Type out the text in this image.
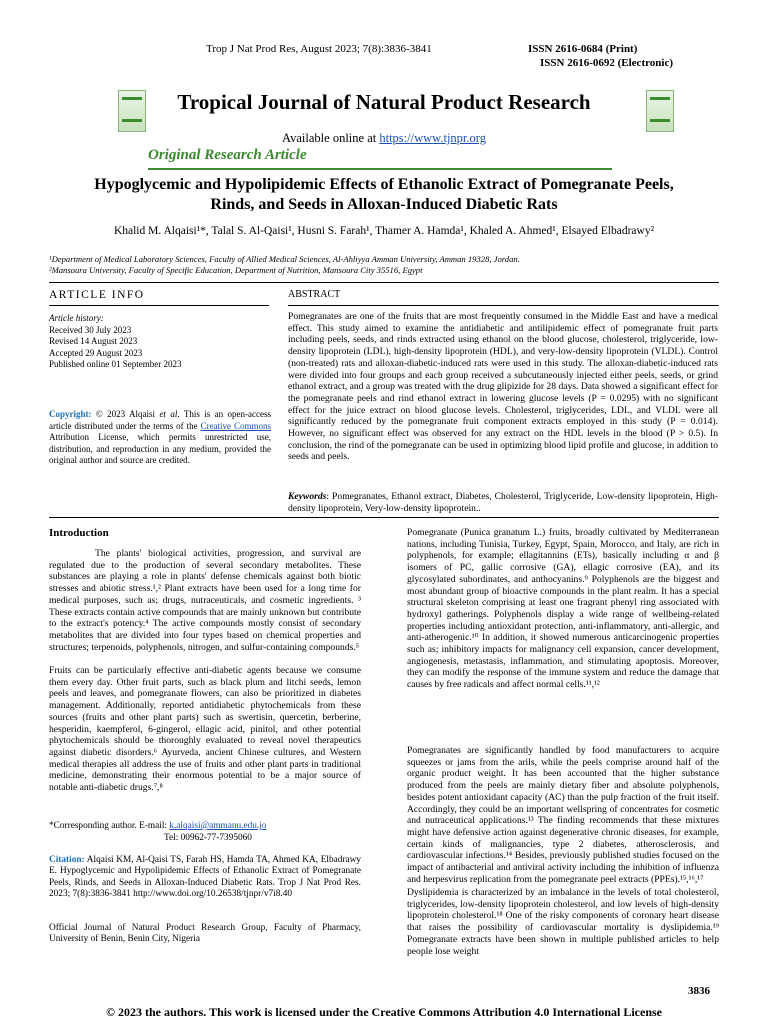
Trop J Nat Prod Res, August 2023; 7(8):3836-3841	ISSN 2616-0684 (Print)
ISSN 2616-0692 (Electronic)
Tropical Journal of Natural Product Research
Available online at https://www.tjnpr.org
Original Research Article
Hypoglycemic and Hypolipidemic Effects of Ethanolic Extract of Pomegranate Peels,
Rinds, and Seeds in Alloxan-Induced Diabetic Rats
Khalid M. Alqaisi¹*, Talal S. Al-Qaisi¹, Husni S. Farah¹, Thamer A. Hamda¹, Khaled A. Ahmed¹, Elsayed Elbadrawy²
¹Department of Medical Laboratory Sciences, Faculty of Allied Medical Sciences, Al-Ahliyya Amman University, Amman 19328, Jordan.
²Mansoura University, Faculty of Specific Education, Department of Nutrition, Mansoura City 35516, Egypt
ARTICLE INFO	ABSTRACT
Article history:
Received 30 July 2023
Revised 14 August 2023
Accepted 29 August 2023
Published online 01 September 2023
Copyright: © 2023 Alqaisi et al. This is an open-access article distributed under the terms of the Creative Commons Attribution License, which permits unrestricted use, distribution, and reproduction in any medium, provided the original author and source are credited.
Pomegranates are one of the fruits that are most frequently consumed in the Middle East and have a medical effect. This study aimed to examine the antidiabetic and antilipidemic effect of pomegranate fruit parts including peels, seeds, and rinds extracted using ethanol on the blood glucose, cholesterol, triglyceride, low-density lipoprotein (LDL), high-density lipoprotein (HDL), and very-low-density lipoprotein (VLDL). Control (non-treated) rats and alloxan-diabetic-induced rats were used in this study. The alloxan-diabetic-induced rats were divided into four groups and each group received a subcutaneously injected either peels, seeds, or grind ethanol extract, and a group was treated with the drug glipizide for 28 days. Data showed a significant effect for the pomegranate peels and rind ethanol extract in lowering glucose levels (P = 0.0295) with no significant effect for the juice extract on blood glucose levels. Cholesterol, triglycerides, LDL, and VLDL were all significantly reduced by the pomegranate fruit component extracts employed in this study (P = 0.014). However, no significant effect was observed for any extract on the HDL levels in the blood (P > 0.5). In conclusion, the rind of the pomegranate can be used in optimizing blood lipid profile and glucose, in addition to seeds and peels.
Keywords: Pomegranates, Ethanol extract, Diabetes, Cholesterol, Triglyceride, Low-density lipoprotein, High-density lipoprotein, Very-low-density lipoprotein..
Introduction
The plants' biological activities, progression, and survival are regulated due to the production of several secondary metabolites. These substances are playing a role in plants' defense chemicals against both biotic stresses and abiotic stress.¹,² Plant extracts have been used for a long time for medical purposes, such as; drugs, nutraceuticals, and cosmetic ingredients. ³ These extracts contain active compounds that are mainly unknown but contribute to the extract's potency.⁴ The active compounds mostly consist of secondary metabolites that are divided into four types based on chemical properties and structures; terpenoids, polyphenols, nitrogen, and sulfur-containing compounds.⁵
Fruits can be particularly effective anti-diabetic agents because we consume them every day. Other fruit parts, such as black plum and litchi seeds, lemon peels and leaves, and pomegranate flowers, can also be prioritized in diabetes management. Additionally, reported antidiabetic phytochemicals from these sources (fruits and other plant parts) such as swertisin, quercetin, berberine, hesperidin, kaempferol, 6-gingerol, ellagic acid, pinitol, and other potential phytochemicals should be thoroughly evaluated to reveal novel therapeutics against diabetic disorders.⁶ Ayurveda, ancient Chinese cultures, and Western medical therapies all address the use of fruits and other plant parts in traditional medicine, demonstrating their enormous potential to be a major source of notable anti-diabetic drugs.⁷,⁸
*Corresponding author. E-mail: k.alqaisi@ammanu.edu.jo
Tel: 00962-77-7395060
Citation: Alqaisi KM, Al-Qaisi TS, Farah HS, Hamda TA, Ahmed KA, Elbadrawy E. Hypoglycemic and Hypolipidemic Effects of Ethanolic Extract of Pomegranate Peels, Rinds, and Seeds in Alloxan-Induced Diabetic Rats. Trop J Nat Prod Res. 2023; 7(8):3836-3841 http://www.doi.org/10.26538/tjnpr/v7i8.40
Official Journal of Natural Product Research Group, Faculty of Pharmacy, University of Benin, Benin City, Nigeria
Pomegranate (Punica granatum L.) fruits, broadly cultivated by Mediterranean nations, including Tunisia, Turkey, Egypt, Spain, Morocco, and Italy, are rich in polyphenols, for example; ellagitannins (ETs), basically including α and β isomers of PC, gallic corrosive (GA), ellagic corrosive (EA), and its glycosylated subordinates, and anthocyanins.⁹ Polyphenols are the biggest and most abundant group of bioactive compounds in the plant realm. It has a special structural skeleton comprising at least one fragrant phenyl ring associated with hydroxyl gatherings. Polyphenols display a wide range of wellbeing-related properties including antioxidant protection, anti-inflammatory, anti-allergic, and anti-atherogenic.¹⁰ In addition, it showed numerous anticarcinogenic properties such as; inhibitory impacts for malignancy cell expansion, cancer development, angiogenesis, metastasis, inflammation, and stimulating apoptosis. Moreover, they can modify the response of the immune system and reduce the damage that causes by free radicals and affect normal cells.¹¹,¹²
Pomegranates are significantly handled by food manufacturers to acquire squeezes or jams from the arils, while the peels comprise around half of the organic product weight. It has been accounted that the higher substance produced from the peels are mainly dietary fiber and absolute polyphenols, besides potent antioxidant capacity (AC) than the pulp fraction of the fruit itself. Accordingly, they could be an important wellspring of concentrates for cosmetic and nutraceutical applications.¹³ The finding recommends that these mixtures might have defensive action against degenerative chronic diseases, for example, certain kinds of malignancies, type 2 diabetes, atherosclerosis, and cardiovascular infections.¹⁴ Besides, previously published studies focused on the impact of antibacterial and antiviral activity including the inhibition of influenza and herpesvirus replication from the pomegranate peel extracts (PPEs).¹⁵,¹⁶,¹⁷
Dyslipidemia is characterized by an imbalance in the levels of total cholesterol, triglycerides, low-density lipoprotein cholesterol, and low levels of high-density lipoprotein cholesterol.¹⁸ One of the risky components of coronary heart disease that raises the possibility of cardiovascular mortality is dyslipidemia.¹⁹ Pomegranate extracts have been shown in multiple published articles to help people lose weight
3836
© 2023 the authors. This work is licensed under the Creative Commons Attribution 4.0 International License
